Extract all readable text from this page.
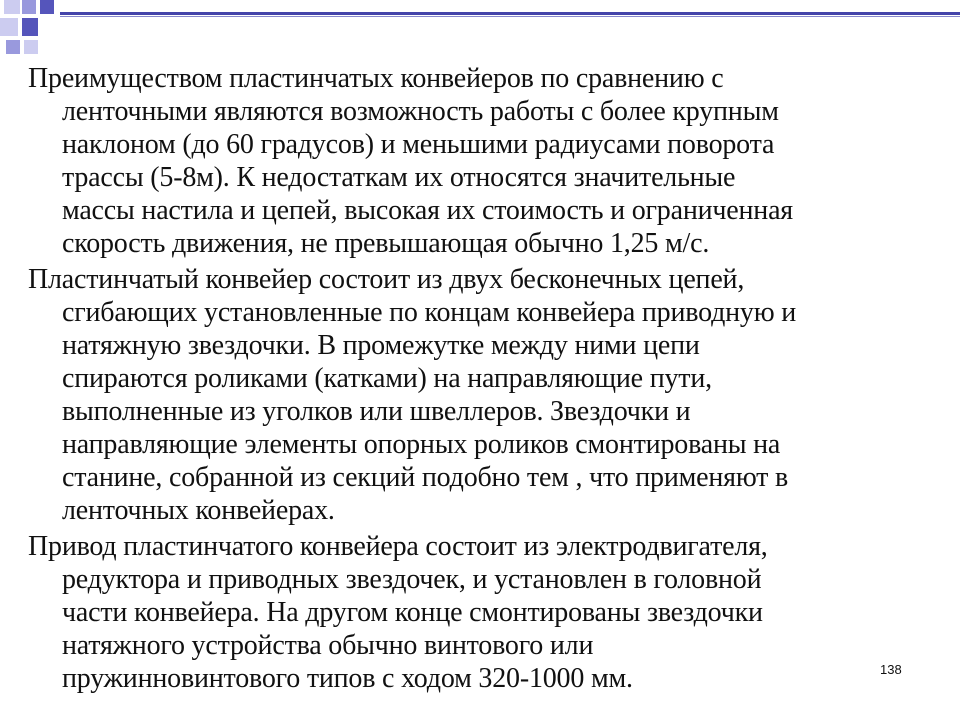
Преимуществом пластинчатых конвейеров по сравнению с
ленточными являются возможность работы с более крупным
наклоном (до 60 градусов) и меньшими радиусами поворота
трассы (5-8м). К недостаткам их относятся значительные
массы настила и цепей, высокая их стоимость и ограниченная
скорость движения, не превышающая обычно 1,25 м/с.

Пластинчатый конвейер состоит из двух бесконечных цепей,
сгибающих установленные по концам конвейера приводную и
натяжную звездочки. В промежутке между ними цепи
спираются роликами (катками) на направляющие пути,
выполненные из уголков или швеллеров. Звездочки и
направляющие элементы опорных роликов смонтированы на
станине, собранной из секций подобно тем , что применяют в
ленточных конвейерах.

Привод пластинчатого конвейера состоит из электродвигателя,
редуктора и приводных звездочек, и установлен в головной
части конвейера. На другом конце смонтированы звездочки
натяжного устройства обычно винтового или
пружинновинтового типов с ходом 320-1000 мм.	138
